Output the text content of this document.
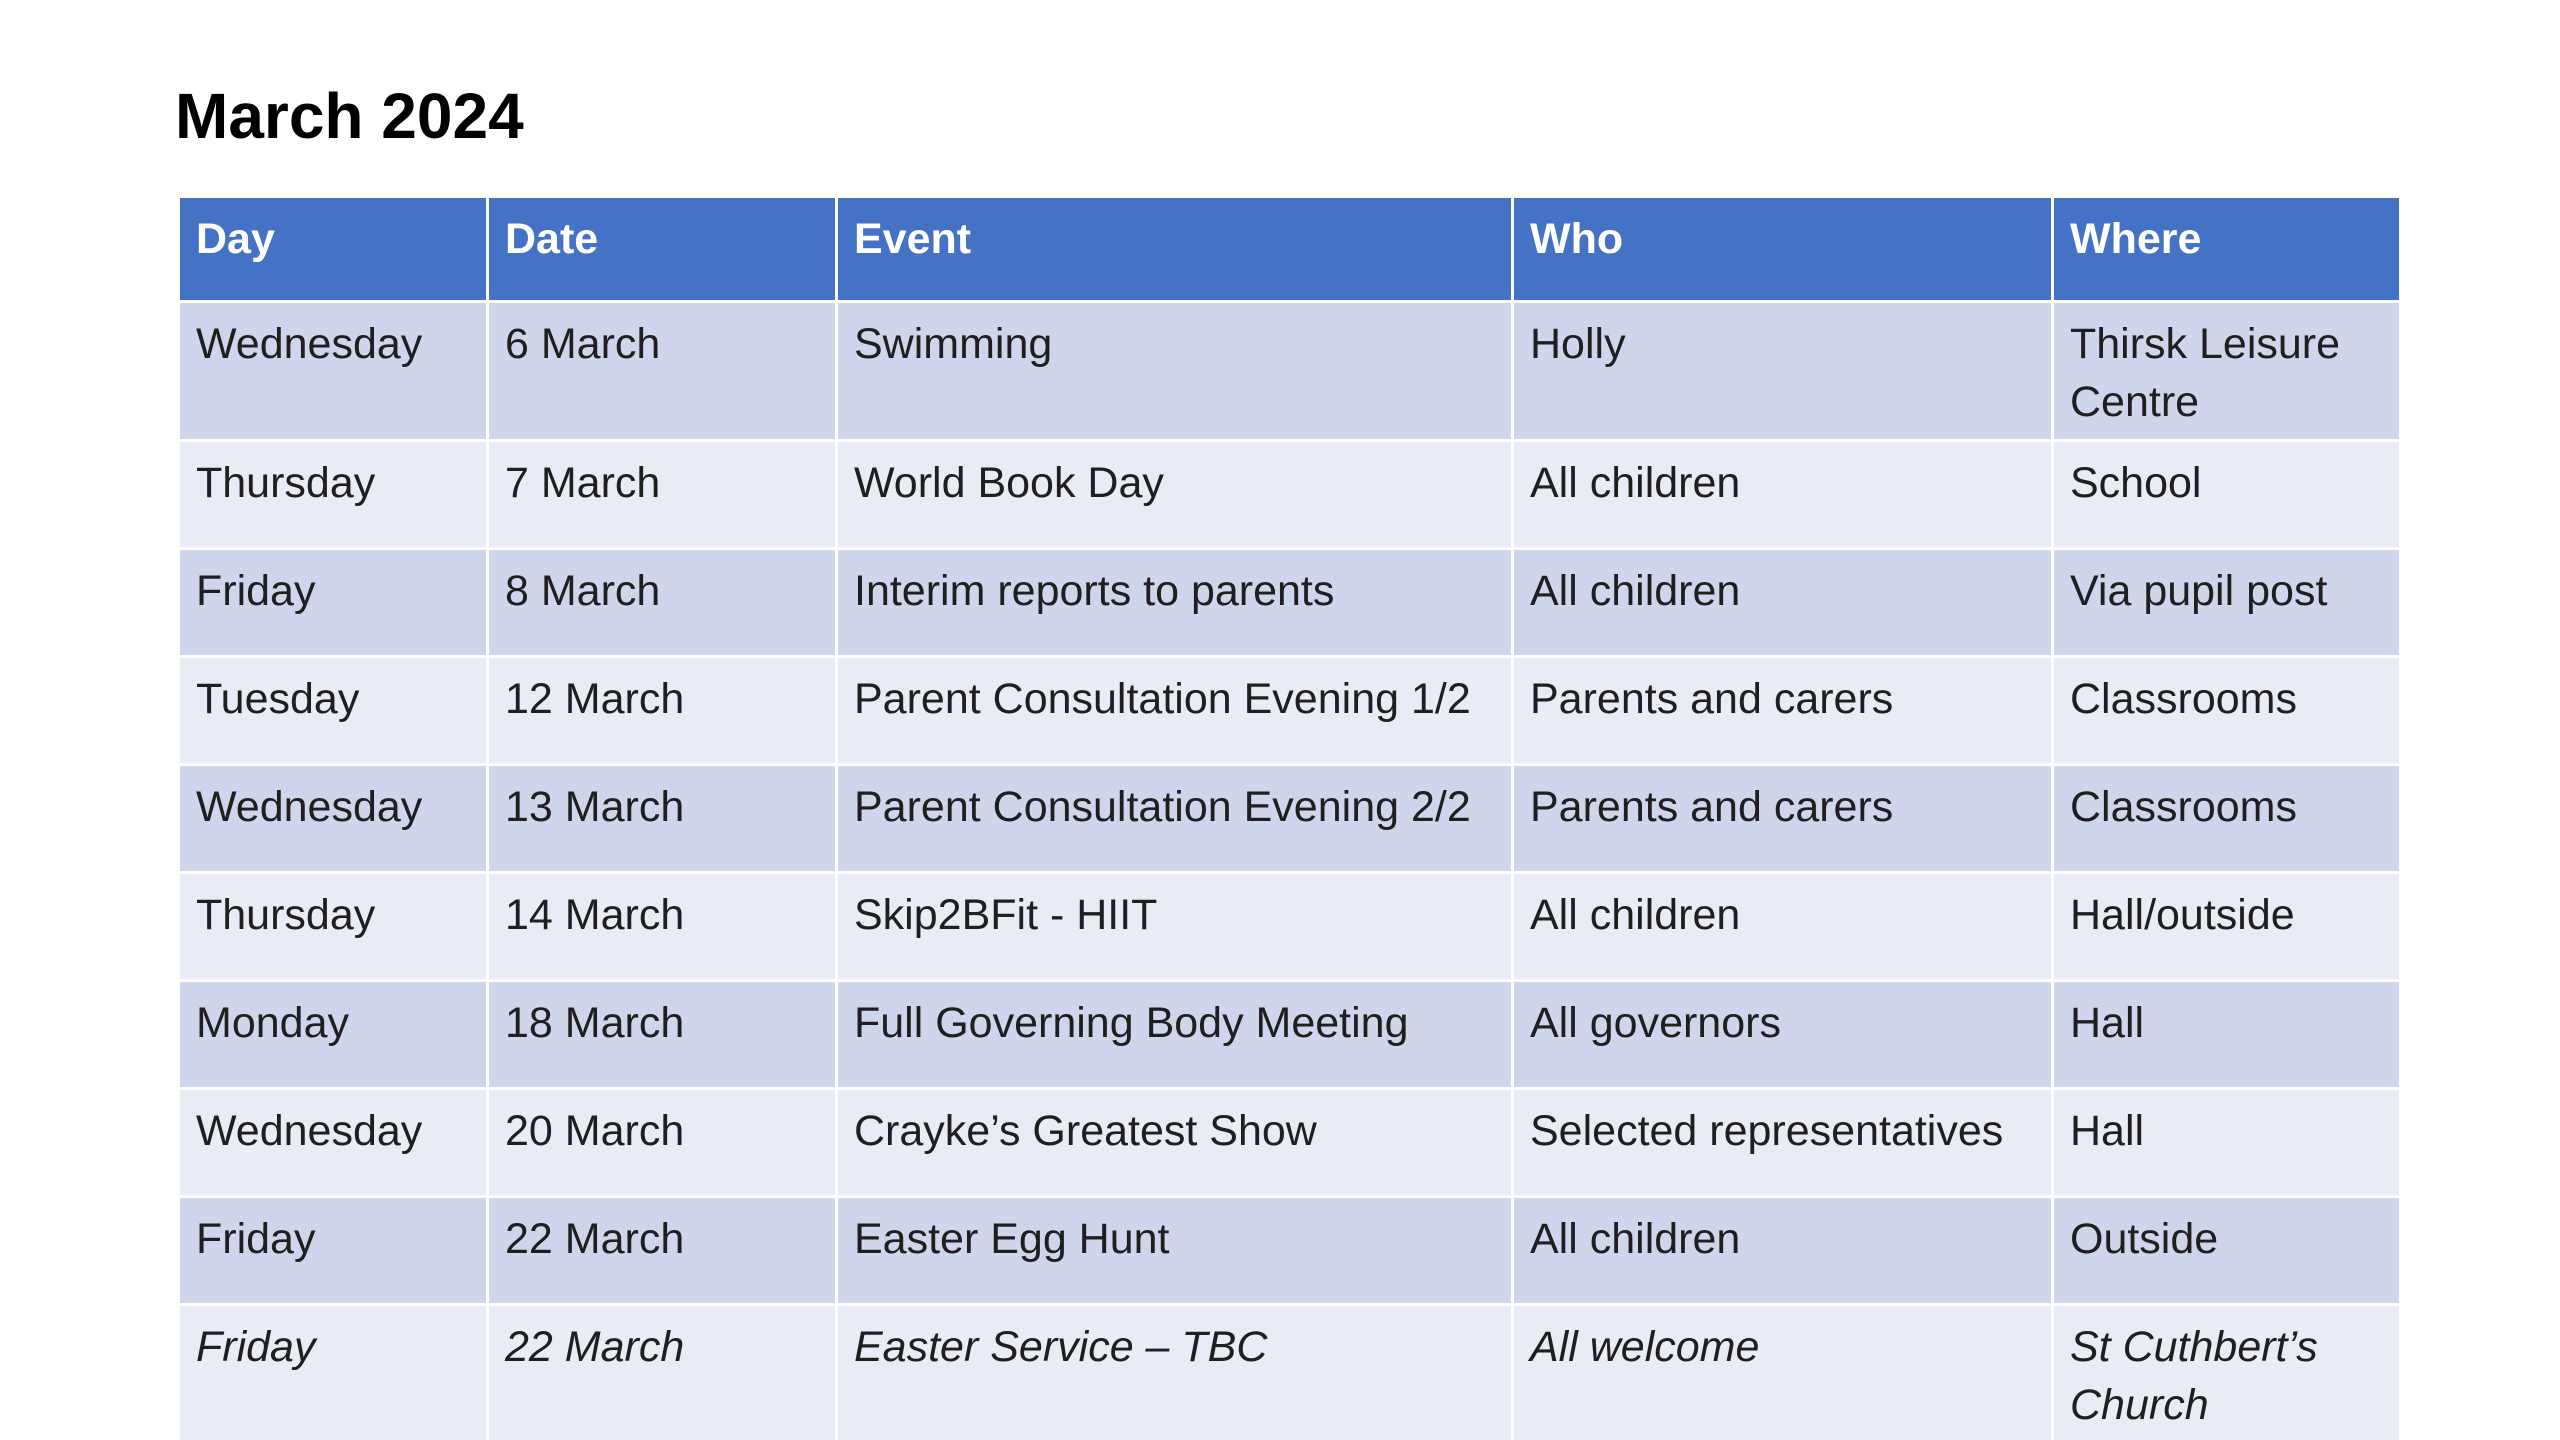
March 2024
Day	Date	Event	Who	Where
Wednesday	6 March	Swimming	Holly	Thirsk Leisure Centre
Thursday	7 March	World Book Day	All children	School
Friday	8 March	Interim reports to parents	All children	Via pupil post
Tuesday	12 March	Parent Consultation Evening 1/2	Parents and carers	Classrooms
Wednesday	13 March	Parent Consultation Evening 2/2	Parents and carers	Classrooms
Thursday	14 March	Skip2BFit - HIIT	All children	Hall/outside
Monday	18 March	Full Governing Body Meeting	All governors	Hall
Wednesday	20 March	Crayke’s Greatest Show	Selected representatives	Hall
Friday	22 March	Easter Egg Hunt	All children	Outside
Friday	22 March	Easter Service – TBC	All welcome	St Cuthbert’s Church
